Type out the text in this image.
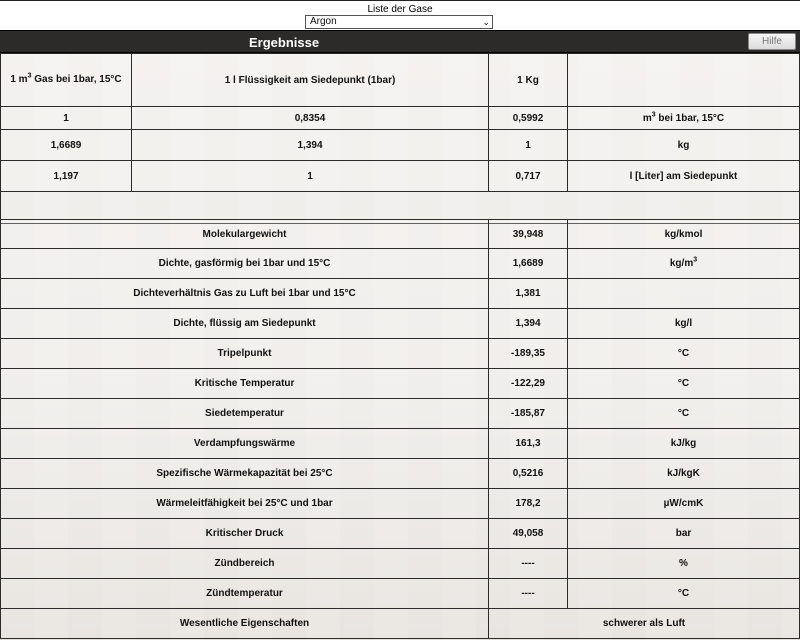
Liste der Gase
Argon	⌄
Ergebnisse	Hilfe
1 $m^3$ Gas bei 1bar, 15°C	1 l Flüssigkeit am Siedepunkt (1bar)	1 Kg	
1	0,8354	0,5992	$m^3$ bei 1bar, 15°C
1,6689	1,394	1	kg
1,197	1	0,717	l [Liter] am Siedepunkt

Molekulargewicht	39,948	kg/kmol
Dichte, gasförmig bei 1bar und 15°C	1,6689	$kg/m^3$
Dichteverhältnis Gas zu Luft bei 1bar und 15°C	1,381	
Dichte, flüssig am Siedepunkt	1,394	kg/l
Tripelpunkt	-189,35	°C
Kritische Temperatur	-122,29	°C
Siedetemperatur	-185,87	°C
Verdampfungswärme	161,3	kJ/kg
Spezifische Wärmekapazität bei 25°C	0,5216	kJ/kgK
Wärmeleitfähigkeit bei 25°C und 1bar	178,2	µW/cmK
Kritischer Druck	49,058	bar
Zündbereich	----	%
Zündtemperatur	----	°C
Wesentliche Eigenschaften	schwerer als Luft	
